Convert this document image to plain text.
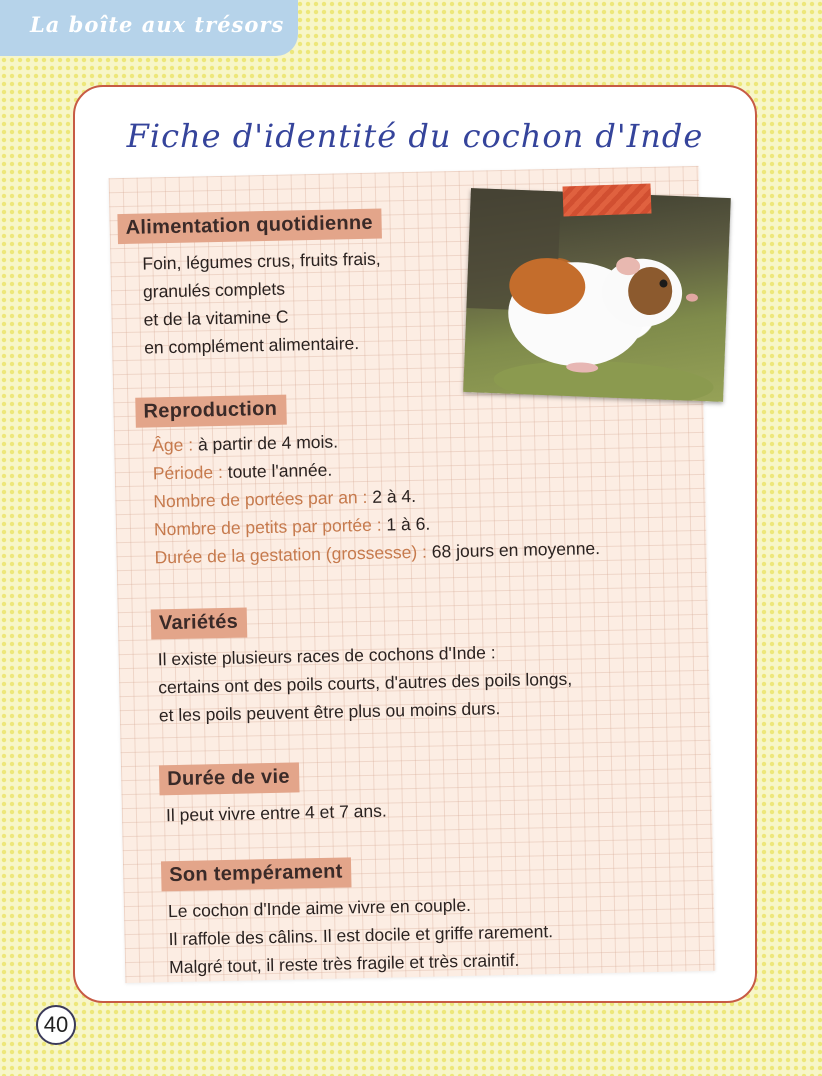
La boîte aux trésors
Fiche d'identité du cochon d'Inde
Alimentation quotidienne
Foin, légumes crus, fruits frais,
granulés complets
et de la vitamine C
en complément alimentaire.
Reproduction
Âge : à partir de 4 mois.
Période : toute l'année.
Nombre de portées par an : 2 à 4.
Nombre de petits par portée : 1 à 6.
Durée de la gestation (grossesse) : 68 jours en moyenne.
Variétés
Il existe plusieurs races de cochons d'Inde :
certains ont des poils courts, d'autres des poils longs,
et les poils peuvent être plus ou moins durs.
Durée de vie
Il peut vivre entre 4 et 7 ans.
Son tempérament
Le cochon d'Inde aime vivre en couple.
Il raffole des câlins. Il est docile et griffe rarement.
Malgré tout, il reste très fragile et très craintif.
40
